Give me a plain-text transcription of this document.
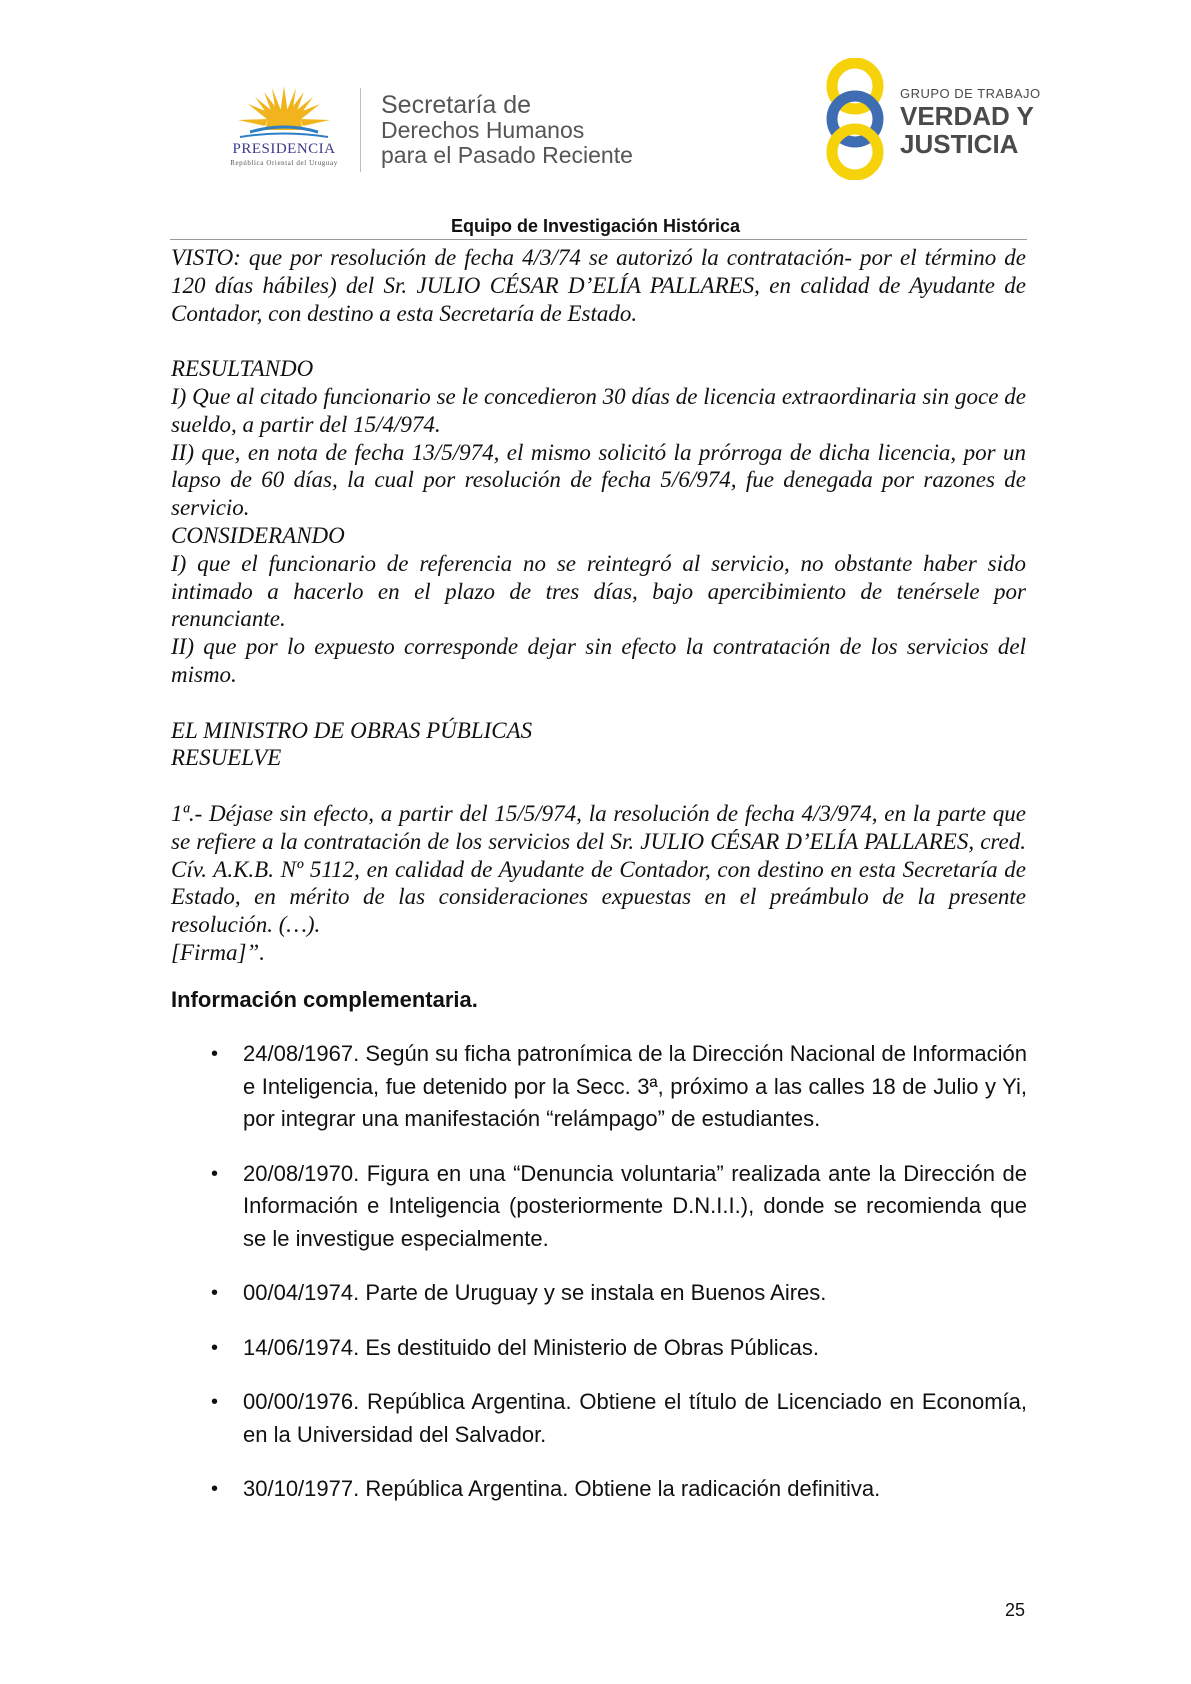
PRESIDENCIA
República Oriental del Uruguay
Secretaría de
Derechos Humanos
para el Pasado Reciente
GRUPO DE TRABAJO
VERDAD Y
JUSTICIA
Equipo de Investigación Histórica

VISTO: que por resolución de fecha 4/3/74 se autorizó la contratación- por el término de 120 días hábiles) del Sr. JULIO CÉSAR D’ELÍA PALLARES, en calidad de Ayudante de Contador, con destino a esta Secretaría de Estado.

RESULTANDO

I) Que al citado funcionario se le concedieron 30 días de licencia extraordinaria sin goce de sueldo, a partir del 15/4/974.

II) que, en nota de fecha 13/5/974, el mismo solicitó la prórroga de dicha licencia, por un lapso de 60 días, la cual por resolución de fecha 5/6/974, fue denegada por razones de servicio.

CONSIDERANDO

I) que el funcionario de referencia no se reintegró al servicio, no obstante haber sido intimado a hacerlo en el plazo de tres días, bajo apercibimiento de tenérsele por renunciante.

II) que por lo expuesto corresponde dejar sin efecto la contratación de los servicios del mismo.

EL MINISTRO DE OBRAS PÚBLICAS

RESUELVE

1ª.- Déjase sin efecto, a partir del 15/5/974, la resolución de fecha 4/3/974, en la parte que se refiere a la contratación de los servicios del Sr. JULIO CÉSAR D’ELÍA PALLARES, cred. Cív. A.K.B. Nº 5112, en calidad de Ayudante de Contador, con destino en esta Secretaría de Estado, en mérito de las consideraciones expuestas en el preámbulo de la presente resolución. (…).

[Firma]”.

Información complementaria.
• 24/08/1967. Según su ficha patronímica de la Dirección Nacional de Información e Inteligencia, fue detenido por la Secc. 3ª, próximo a las calles 18 de Julio y Yi, por integrar una manifestación “relámpago” de estudiantes.
• 20/08/1970. Figura en una “Denuncia voluntaria” realizada ante la Dirección de Información e Inteligencia (posteriormente D.N.I.I.), donde se recomienda que se le investigue especialmente.
• 00/04/1974. Parte de Uruguay y se instala en Buenos Aires.
• 14/06/1974. Es destituido del Ministerio de Obras Públicas.
• 00/00/1976. República Argentina. Obtiene el título de Licenciado en Economía, en la Universidad del Salvador.
• 30/10/1977. República Argentina. Obtiene la radicación definitiva.
25
